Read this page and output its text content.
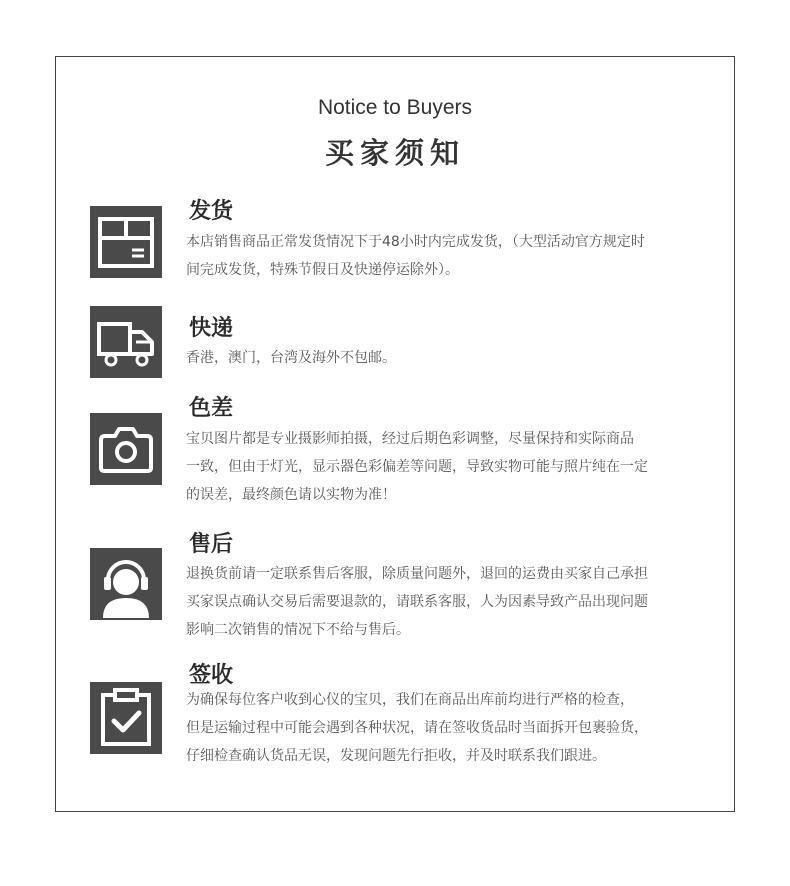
Notice to Buyers
买家须知
发货

本店销售商品正常发货情况下于48小时内完成发货，（大型活动官方规定时
间完成发货，特殊节假日及快递停运除外）。

快递

香港，澳门，台湾及海外不包邮。

色差

宝贝图片都是专业摄影师拍摄，经过后期色彩调整，尽量保持和实际商品
一致，但由于灯光，显示器色彩偏差等问题，导致实物可能与照片纯在一定
的误差，最终颜色请以实物为准！

售后

退换货前请一定联系售后客服，除质量问题外，退回的运费由买家自己承担
买家误点确认交易后需要退款的，请联系客服，人为因素导致产品出现问题
影响二次销售的情况下不给与售后。

签收

为确保每位客户收到心仪的宝贝，我们在商品出库前均进行严格的检查，
但是运输过程中可能会遇到各种状况，请在签收货品时当面拆开包裹验货，
仔细检查确认货品无误，发现问题先行拒收，并及时联系我们跟进。
